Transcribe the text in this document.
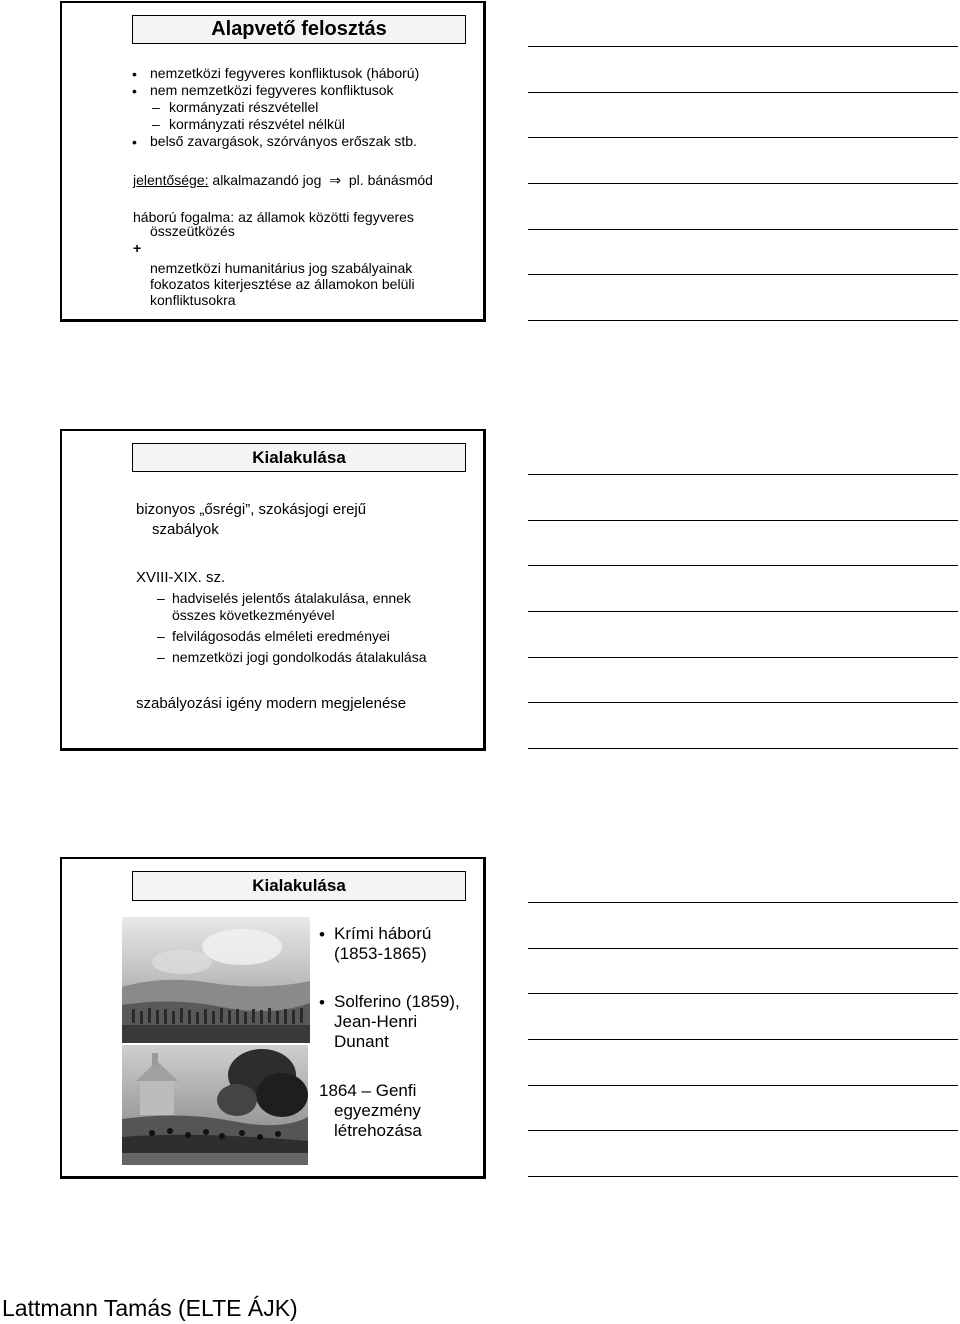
Alapvető felosztás
• nemzetközi fegyveres konfliktusok (háború)
• nem nemzetközi fegyveres konfliktusok
– kormányzati részvétellel
– kormányzati részvétel nélkül
• belső zavargások, szórványos erőszak stb.
jelentősége: alkalmazandó jog ⇒ pl. bánásmód
háború fogalma: az államok közötti fegyveres
összeütközés
+
nemzetközi humanitárius jog szabályainak
fokozatos kiterjesztése az államokon belüli
konfliktusokra
Kialakulása
bizonyos „ősrégi”, szokásjogi erejű
szabályok
XVIII-XIX. sz.
– hadviselés jelentős átalakulása, ennek
összes következményével
– felvilágosodás elméleti eredményei
– nemzetközi jogi gondolkodás átalakulása
szabályozási igény modern megjelenése
Kialakulása
• Krími háború
(1853-1865)
• Solferino (1859),
Jean-Henri
Dunant
1864 – Genfi
egyezmény
létrehozása
Lattmann Tamás (ELTE ÁJK)
